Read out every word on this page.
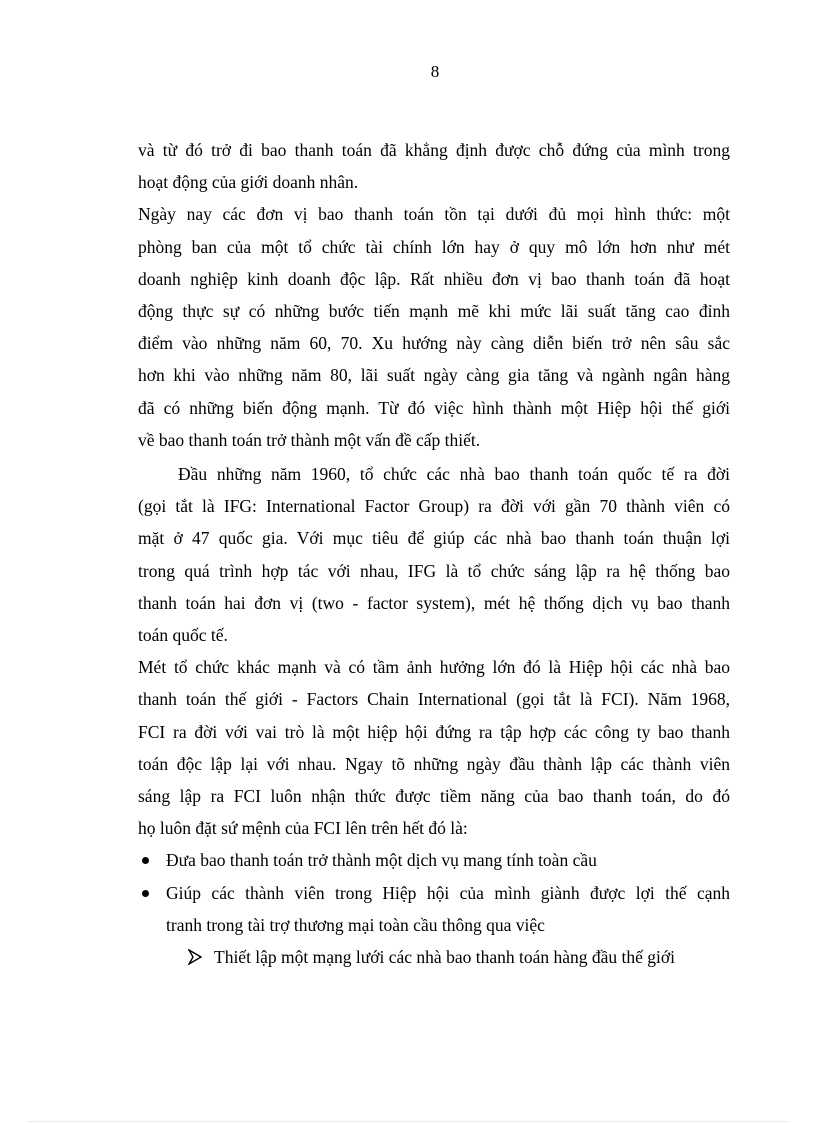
8

và từ đó trở đi bao thanh toán đã khẳng định được chỗ đứng của mình trong
hoạt động của giới doanh nhân.

Ngày nay các đơn vị bao thanh toán tồn tại dưới đủ mọi hình thức: một
phòng ban của một tổ chức tài chính lớn hay ở quy mô lớn hơn như mét
doanh nghiệp kinh doanh độc lập. Rất nhiều đơn vị bao thanh toán đã hoạt
động thực sự có những bước tiến mạnh mẽ khi mức lãi suất tăng cao đỉnh
điểm vào những năm 60, 70. Xu hướng này càng diễn biến trở nên sâu sắc
hơn khi vào những năm 80, lãi suất ngày càng gia tăng và ngành ngân hàng
đã có những biến động mạnh. Từ đó việc hình thành một Hiệp hội thế giới
về bao thanh toán trở thành một vấn đề cấp thiết.

Đầu những năm 1960, tổ chức các nhà bao thanh toán quốc tế ra đời
(gọi tắt là IFG: International Factor Group) ra đời với gần 70 thành viên có
mặt ở 47 quốc gia. Với mục tiêu để giúp các nhà bao thanh toán thuận lợi
trong quá trình hợp tác với nhau, IFG là tổ chức sáng lập ra hệ thống bao
thanh toán hai đơn vị (two - factor system), mét hệ thống dịch vụ bao thanh
toán quốc tế.

Mét tổ chức khác mạnh và có tầm ảnh hưởng lớn đó là Hiệp hội các nhà bao
thanh toán thế giới - Factors Chain International (gọi tắt là FCI). Năm 1968,
FCI ra đời với vai trò là một hiệp hội đứng ra tập hợp các công ty bao thanh
toán độc lập lại với nhau. Ngay tõ những ngày đầu thành lập các thành viên
sáng lập ra FCI luôn nhận thức được tiềm năng của bao thanh toán, do đó
họ luôn đặt sứ mệnh của FCI lên trên hết đó là:

Đưa bao thanh toán trở thành một dịch vụ mang tính toàn cầu
Giúp các thành viên trong Hiệp hội của mình giành được lợi thế cạnh
tranh trong tài trợ thương mại toàn cầu thông qua việc
Thiết lập một mạng lưới các nhà bao thanh toán hàng đầu thế giới
